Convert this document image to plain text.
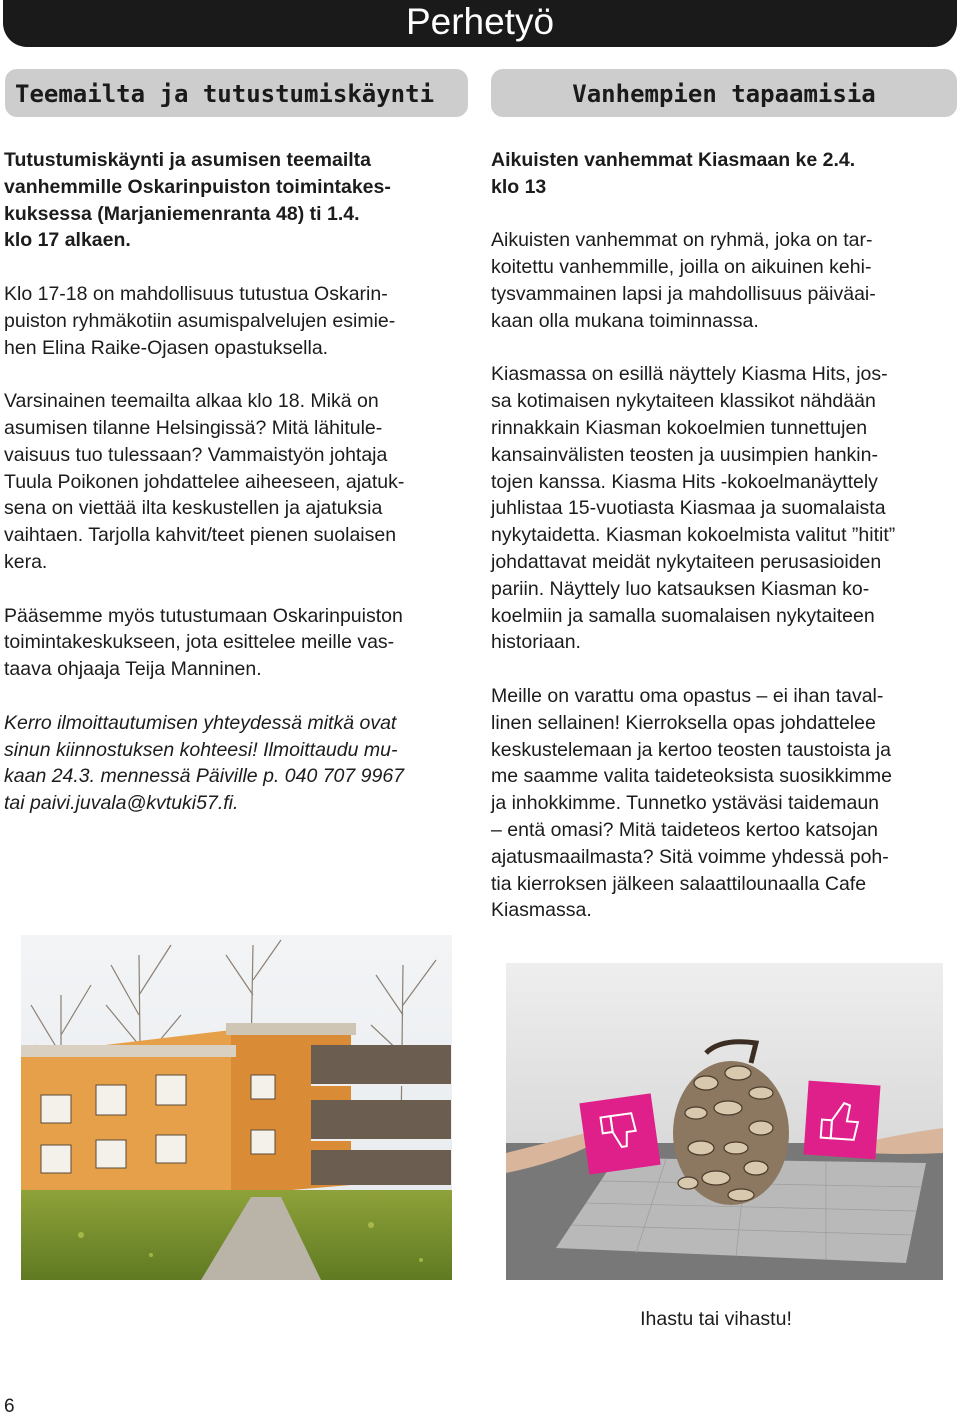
Perhetyö
Teemailta ja tutustumiskäynti	Vanhempien tapaamisia

Tutustumiskäynti ja asumisen teemailta
vanhemmille Oskarinpuiston toimintakes-
kuksessa (Marjaniemenranta 48) ti 1.4.
klo 17 alkaen.

Klo 17-18 on mahdollisuus tutustua Oskarin-
puiston ryhmäkotiin asumispalvelujen esimie-
hen Elina Raike-Ojasen opastuksella.

Varsinainen teemailta alkaa klo 18. Mikä on
asumisen tilanne Helsingissä? Mitä lähitule-
vaisuus tuo tulessaan? Vammaistyön johtaja
Tuula Poikonen johdattelee aiheeseen, ajatuk-
sena on viettää ilta keskustellen ja ajatuksia
vaihtaen. Tarjolla kahvit/teet pienen suolaisen
kera.

Pääsemme myös tutustumaan Oskarinpuiston
toimintakeskukseen, jota esittelee meille vas-
taava ohjaaja Teija Manninen.

Kerro ilmoittautumisen yhteydessä mitkä ovat
sinun kiinnostuksen kohteesi! Ilmoittaudu mu-
kaan 24.3. mennessä Päiville p. 040 707 9967
tai paivi.juvala@kvtuki57.fi.

Aikuisten vanhemmat Kiasmaan ke 2.4.
klo 13

Aikuisten vanhemmat on ryhmä, joka on tar-
koitettu vanhemmille, joilla on aikuinen kehi-
tysvammainen lapsi ja mahdollisuus päiväai-
kaan olla mukana toiminnassa.

Kiasmassa on esillä näyttely Kiasma Hits, jos-
sa kotimaisen nykytaiteen klassikot nähdään
rinnakkain Kiasman kokoelmien tunnettujen
kansainvälisten teosten ja uusimpien hankin-
tojen kanssa. Kiasma Hits -kokoelmanäyttely
juhlistaa 15-vuotiasta Kiasmaa ja suomalaista
nykytaidetta. Kiasman kokoelmista valitut ”hitit”
johdattavat meidät nykytaiteen perusasioiden
pariin. Näyttely luo katsauksen Kiasman ko-
koelmiin ja samalla suomalaisen nykytaiteen
historiaan.

Meille on varattu oma opastus – ei ihan taval-
linen sellainen! Kierroksella opas johdattelee
keskustelemaan ja kertoo teosten taustoista ja
me saamme valita taideteoksista suosikkimme
ja inhokkimme. Tunnetko ystäväsi taidemaun
– entä omasi? Mitä taideteos kertoo katsojan
ajatusmaailmasta? Sitä voimme yhdessä poh-
tia kierroksen jälkeen salaattilounaalla Cafe
Kiasmassa.

Ihastu tai vihastu!
6
